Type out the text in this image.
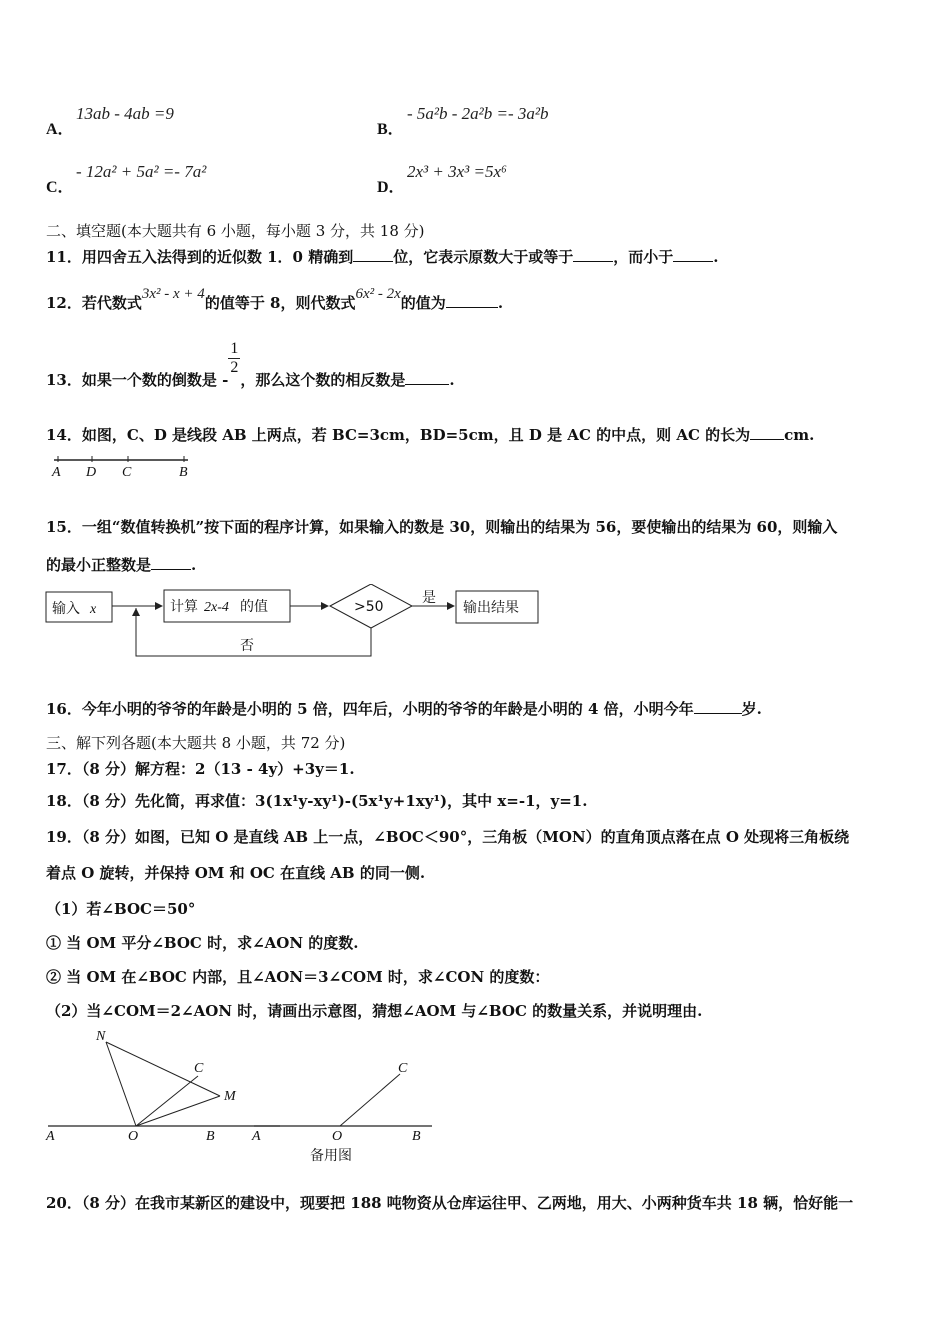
A．
13ab - 4ab =9
B．
- 5a²b - 2a²b =- 3a²b
C．
- 12a² + 5a² =- 7a²
D．
2x³ + 3x³ =5x⁶
二、填空题(本大题共有 6 小题，每小题 3 分，共 18 分)
11．用四舍五入法得到的近似数 1．0 精确到	位，它表示原数大于或等于	，而小于	.
12．若代数式3x² - x + 4的值等于 8，则代数式6x² - 2x的值为	.
13．如果一个数的倒数是 -
$\frac{1}{2}$
，那么这个数的相反数是	.
14．如图，C、D 是线段 AB 上两点，若 BC=3cm，BD=5cm，且 D 是 AC 的中点，则 AC 的长为 cm.
A D C	B
15．一组“数值转换机”按下面的程序计算，如果输入的数是 30，则输出的结果为 56，要使输出的结果为 60，则输入
的最小正整数是	.
输入 x	计算 2x-4 的值	>50
是
输出结果
否
16．今年小明的爷爷的年龄是小明的 5 倍，四年后，小明的爷爷的年龄是小明的 4 倍，小明今年	岁.
三、解下列各题(本大题共 8 小题，共 72 分)
17．（8 分）解方程：2（13 - 4y）+3y＝1.
18．（8 分）先化简，再求值：3(1x¹y-xy¹)-(5x¹y+1xy¹)，其中 x=-1，y=1.
19．（8 分）如图，已知 O 是直线 AB 上一点，∠BOC＜90°，三角板（MON）的直角顶点落在点 O 处现将三角板绕
着点 O 旋转，并保持 OM 和 OC 在直线 AB 的同一侧.
（1）若∠BOC＝50°
① 当 OM 平分∠BOC 时，求∠AON 的度数.
② 当 OM 在∠BOC 内部，且∠AON＝3∠COM 时，求∠CON 的度数：
（2）当∠COM＝2∠AON 时，请画出示意图，猜想∠AOM 与∠BOC 的数量关系，并说明理由.
N
C
M
A	O	B
C
A	O	B
备用图
20．（8 分）在我市某新区的建设中，现要把 188 吨物资从仓库运往甲、乙两地，用大、小两种货车共 18 辆，恰好能一
